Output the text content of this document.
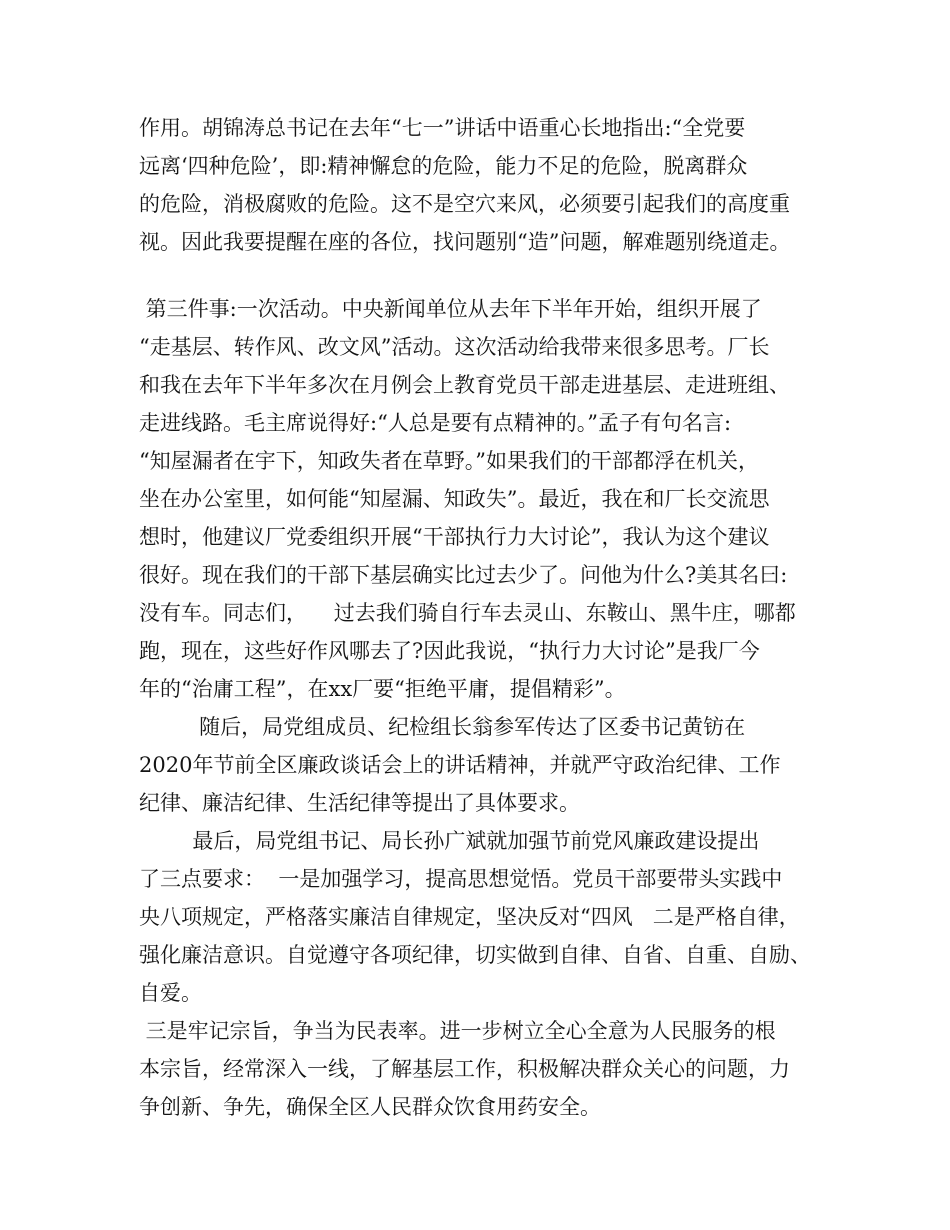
作用。胡锦涛总书记在去年“七一”讲话中语重心长地指出:“全党要
远离‘四种危险’，即:精神懈怠的危险，能力不足的危险，脱离群众
的危险，消极腐败的危险。这不是空穴来风，必须要引起我们的高度重
视。因此我要提醒在座的各位，找问题别“造”问题，解难题别绕道走。
第三件事:一次活动。中央新闻单位从去年下半年开始，组织开展了
“走基层、转作风、改文风”活动。这次活动给我带来很多思考。厂长
和我在去年下半年多次在月例会上教育党员干部走进基层、走进班组、
走进线路。毛主席说得好:“人总是要有点精神的。”孟子有句名言:
“知屋漏者在宇下，知政失者在草野。”如果我们的干部都浮在机关，
坐在办公室里，如何能“知屋漏、知政失”。最近，我在和厂长交流思
想时，他建议厂党委组织开展“干部执行力大讨论”，我认为这个建议
很好。现在我们的干部下基层确实比过去少了。问他为什么?美其名曰:
没有车。同志们，    过去我们骑自行车去灵山、东鞍山、黑牛庄，哪都
跑，现在，这些好作风哪去了?因此我说，“执行力大讨论”是我厂今
年的“治庸工程”，在xx厂要“拒绝平庸，提倡精彩”。
随后，局党组成员、纪检组长翁参军传达了区委书记黄钫在
2020年节前全区廉政谈话会上的讲话精神，并就严守政治纪律、工作
纪律、廉洁纪律、生活纪律等提出了具体要求。
最后，局党组书记、局长孙广斌就加强节前党风廉政建设提出
了三点要求：  一是加强学习，提高思想觉悟。党员干部要带头实践中
央八项规定，严格落实廉洁自律规定，坚决反对“四风   二是严格自律，
强化廉洁意识。自觉遵守各项纪律，切实做到自律、自省、自重、自励、
自爱。
三是牢记宗旨，争当为民表率。进一步树立全心全意为人民服务的根
本宗旨，经常深入一线，了解基层工作，积极解决群众关心的问题，力
争创新、争先，确保全区人民群众饮食用药安全。
